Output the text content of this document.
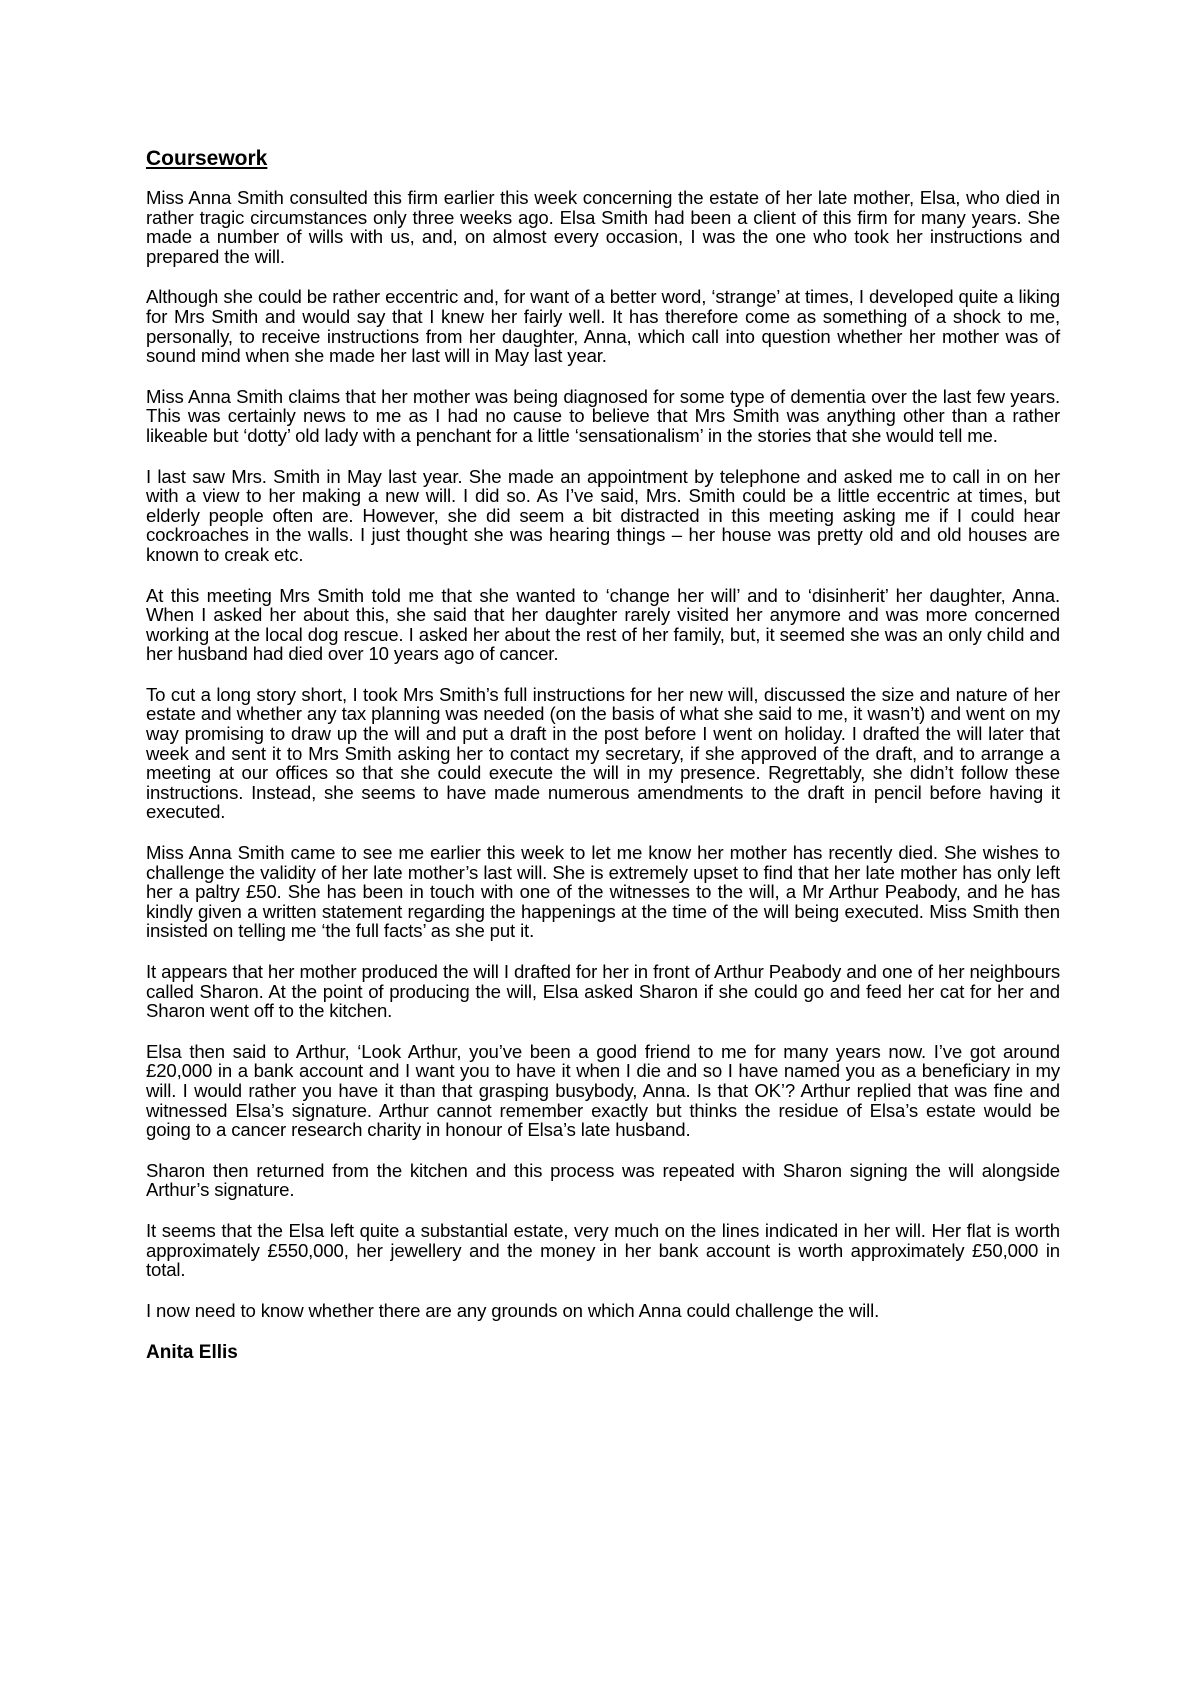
Coursework

Miss Anna Smith consulted this firm earlier this week concerning the estate of her late mother, Elsa, who died in rather tragic circumstances only three weeks ago. Elsa Smith had been a client of this firm for many years. She made a number of wills with us, and, on almost every occasion, I was the one who took her instructions and prepared the will.

Although she could be rather eccentric and, for want of a better word, ‘strange’ at times, I developed quite a liking for Mrs Smith and would say that I knew her fairly well. It has therefore come as something of a shock to me, personally, to receive instructions from her daughter, Anna, which call into question whether her mother was of sound mind when she made her last will in May last year.

Miss Anna Smith claims that her mother was being diagnosed for some type of dementia over the last few years. This was certainly news to me as I had no cause to believe that Mrs Smith was anything other than a rather likeable but ‘dotty’ old lady with a penchant for a little ‘sensationalism’ in the stories that she would tell me.

I last saw Mrs. Smith in May last year. She made an appointment by telephone and asked me to call in on her with a view to her making a new will. I did so. As I’ve said, Mrs. Smith could be a little eccentric at times, but elderly people often are. However, she did seem a bit distracted in this meeting asking me if I could hear cockroaches in the walls. I just thought she was hearing things – her house was pretty old and old houses are known to creak etc.

At this meeting Mrs Smith told me that she wanted to ‘change her will’ and to ‘disinherit’ her daughter, Anna. When I asked her about this, she said that her daughter rarely visited her anymore and was more concerned working at the local dog rescue. I asked her about the rest of her family, but, it seemed she was an only child and her husband had died over 10 years ago of cancer.

To cut a long story short, I took Mrs Smith’s full instructions for her new will, discussed the size and nature of her estate and whether any tax planning was needed (on the basis of what she said to me, it wasn’t) and went on my way promising to draw up the will and put a draft in the post before I went on holiday. I drafted the will later that week and sent it to Mrs Smith asking her to contact my secretary, if she approved of the draft, and to arrange a meeting at our offices so that she could execute the will in my presence. Regrettably, she didn’t follow these instructions. Instead, she seems to have made numerous amendments to the draft in pencil before having it executed.

Miss Anna Smith came to see me earlier this week to let me know her mother has recently died. She wishes to challenge the validity of her late mother’s last will. She is extremely upset to find that her late mother has only left her a paltry £50. She has been in touch with one of the witnesses to the will, a Mr Arthur Peabody, and he has kindly given a written statement regarding the happenings at the time of the will being executed. Miss Smith then insisted on telling me ‘the full facts’ as she put it.

It appears that her mother produced the will I drafted for her in front of Arthur Peabody and one of her neighbours called Sharon. At the point of producing the will, Elsa asked Sharon if she could go and feed her cat for her and Sharon went off to the kitchen.

Elsa then said to Arthur, ‘Look Arthur, you’ve been a good friend to me for many years now. I’ve got around £20,000 in a bank account and I want you to have it when I die and so I have named you as a beneficiary in my will. I would rather you have it than that grasping busybody, Anna. Is that OK’? Arthur replied that was fine and witnessed Elsa’s signature. Arthur cannot remember exactly but thinks the residue of Elsa’s estate would be going to a cancer research charity in honour of Elsa’s late husband.

Sharon then returned from the kitchen and this process was repeated with Sharon signing the will alongside Arthur’s signature.

It seems that the Elsa left quite a substantial estate, very much on the lines indicated in her will. Her flat is worth approximately £550,000, her jewellery and the money in her bank account is worth approximately £50,000 in total.

I now need to know whether there are any grounds on which Anna could challenge the will.

Anita Ellis
